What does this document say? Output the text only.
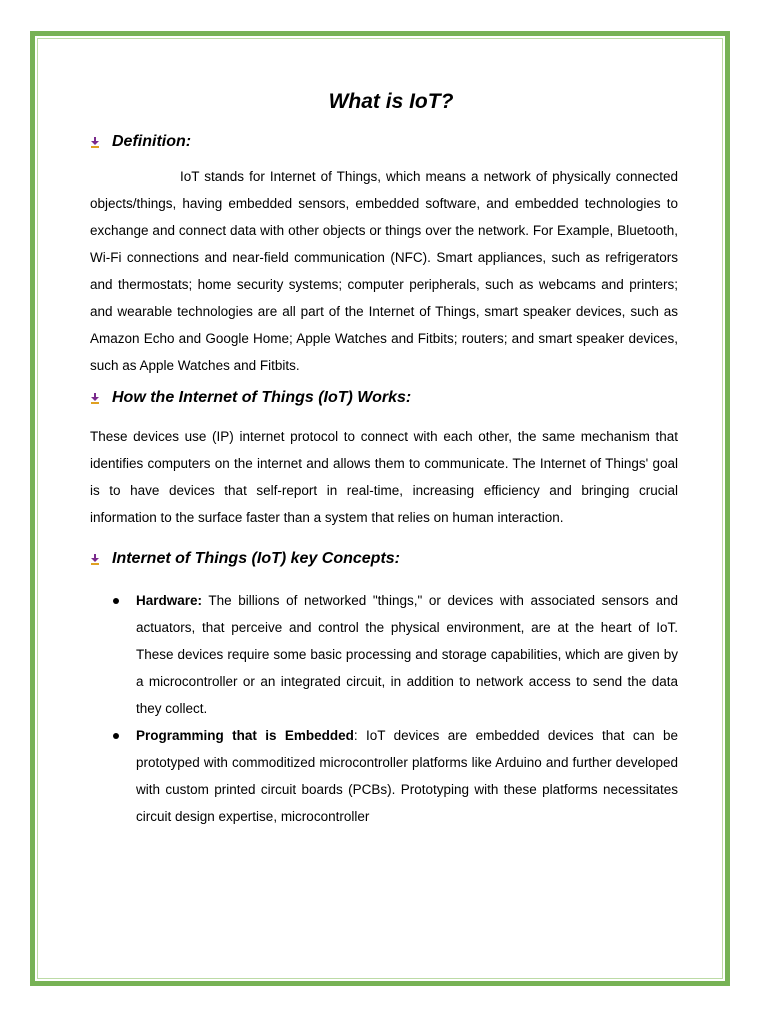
What is IoT?
Definition:

IoT stands for Internet of Things, which means a network of physically connected objects/things, having embedded sensors, embedded software, and embedded technologies to exchange and connect data with other objects or things over the network. For Example, Bluetooth, Wi-Fi connections and near-field communication (NFC). Smart appliances, such as refrigerators and thermostats; home security systems; computer peripherals, such as webcams and printers; and wearable technologies are all part of the Internet of Things, smart speaker devices, such as Amazon Echo and Google Home; Apple Watches and Fitbits; routers; and smart speaker devices, such as Apple Watches and Fitbits.

How the Internet of Things (IoT) Works:

These devices use (IP) internet protocol to connect with each other, the same mechanism that identifies computers on the internet and allows them to communicate. The Internet of Things' goal is to have devices that self-report in real-time, increasing efficiency and bringing crucial information to the surface faster than a system that relies on human interaction.

Internet of Things (IoT) key Concepts:
Hardware: The billions of networked "things," or devices with associated sensors and actuators, that perceive and control the physical environment, are at the heart of IoT. These devices require some basic processing and storage capabilities, which are given by a microcontroller or an integrated circuit, in addition to network access to send the data they collect.
Programming that is Embedded: IoT devices are embedded devices that can be prototyped with commoditized microcontroller platforms like Arduino and further developed with custom printed circuit boards (PCBs). Prototyping with these platforms necessitates circuit design expertise, microcontroller
